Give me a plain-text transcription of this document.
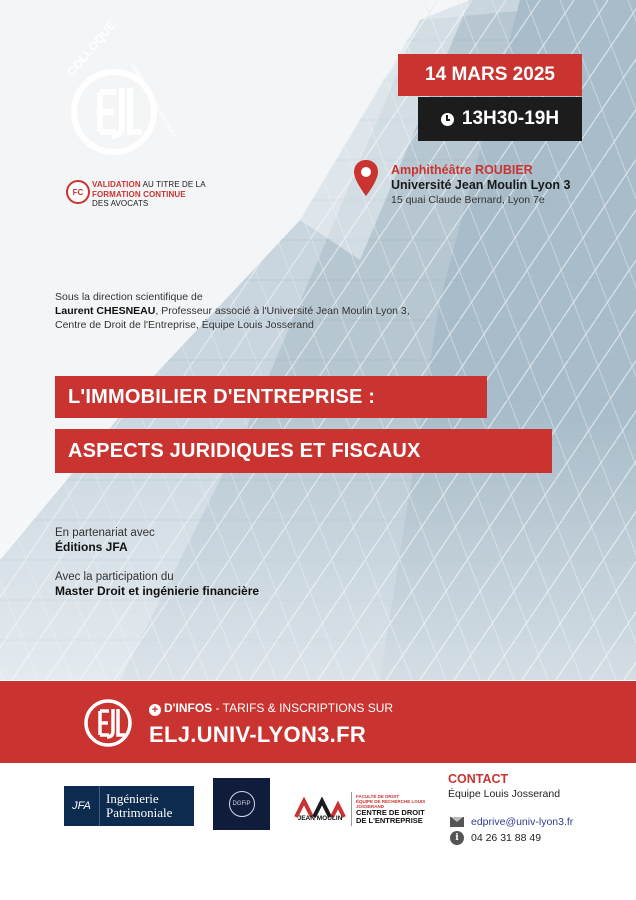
COLLOQUE
UNIVERSITÉ JEAN MOULIN LYON 3
FC
VALIDATION AU TITRE DE LA
FORMATION CONTINUE
DES AVOCATS
14 MARS 2025
13H30-19H
Amphithéâtre ROUBIER
Université Jean Moulin Lyon 3
15 quai Claude Bernard, Lyon 7e
Sous la direction scientifique de
Laurent CHESNEAU, Professeur associé à l'Université Jean Moulin Lyon 3,
Centre de Droit de l'Entreprise, Équipe Louis Josserand
L'IMMOBILIER D'ENTREPRISE :
ASPECTS JURIDIQUES ET FISCAUX
En partenariat avec
Éditions JFA
Avec la participation du
Master Droit et ingénierie financière
+ D'INFOS - TARIFS & INSCRIPTIONS SUR
ELJ.UNIV-LYON3.FR
JFA	Ingénierie
Patrimoniale
DGFiP
JEAN MOULIN
FACULTÉ DE DROIT
ÉQUIPE DE RECHERCHE LOUIS JOSSERAND
CENTRE DE DROIT
DE L'ENTREPRISE
CONTACT
Équipe Louis Josserand
edprive@univ-lyon3.fr
i	04 26 31 88 49
